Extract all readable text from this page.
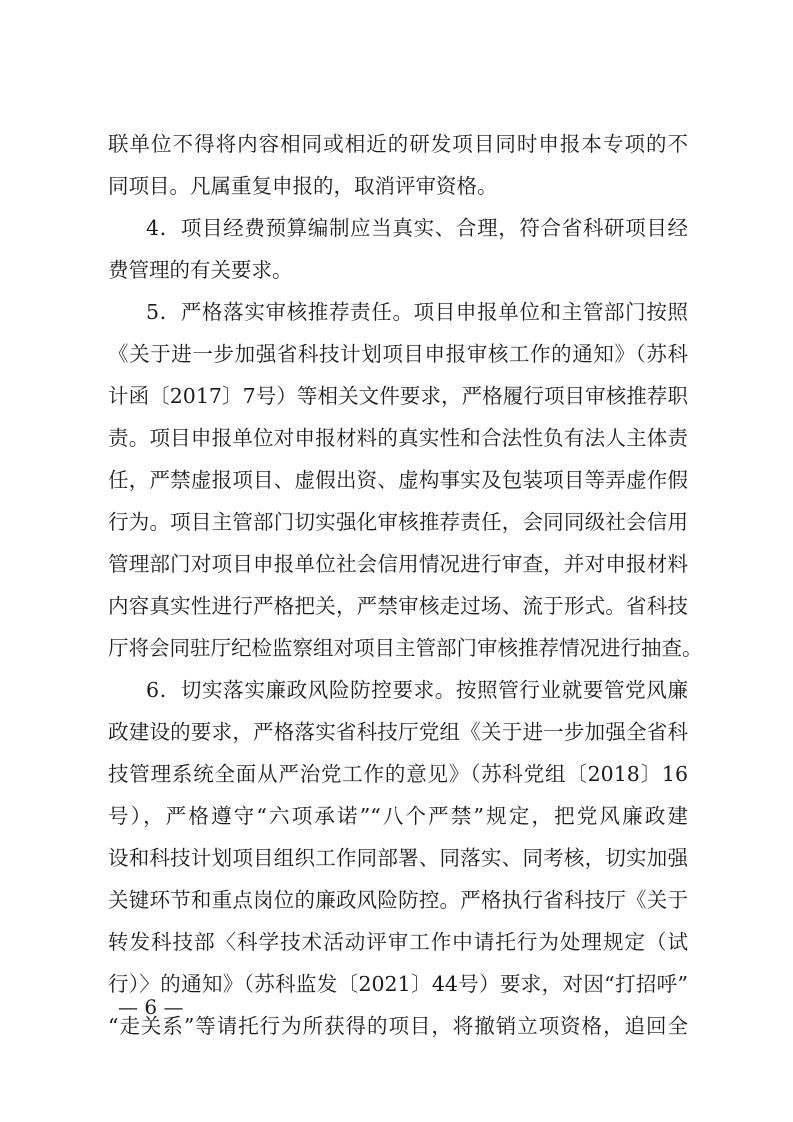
联单位不得将内容相同或相近的研发项目同时申报本专项的不
同项目。凡属重复申报的，取消评审资格。
4．项目经费预算编制应当真实、合理，符合省科研项目经
费管理的有关要求。
5．严格落实审核推荐责任。项目申报单位和主管部门按照
《关于进一步加强省科技计划项目申报审核工作的通知》（苏科
计函〔2017〕7号）等相关文件要求，严格履行项目审核推荐职
责。项目申报单位对申报材料的真实性和合法性负有法人主体责
任，严禁虚报项目、虚假出资、虚构事实及包装项目等弄虚作假
行为。项目主管部门切实强化审核推荐责任，会同同级社会信用
管理部门对项目申报单位社会信用情况进行审查，并对申报材料
内容真实性进行严格把关，严禁审核走过场、流于形式。省科技
厅将会同驻厅纪检监察组对项目主管部门审核推荐情况进行抽查。
6．切实落实廉政风险防控要求。按照管行业就要管党风廉
政建设的要求，严格落实省科技厅党组《关于进一步加强全省科
技管理系统全面从严治党工作的意见》（苏科党组〔2018〕16
号），严格遵守“六项承诺”“八个严禁”规定，把党风廉政建
设和科技计划项目组织工作同部署、同落实、同考核，切实加强
关键环节和重点岗位的廉政风险防控。严格执行省科技厅《关于
转发科技部〈科学技术活动评审工作中请托行为处理规定（试
行）〉的通知》（苏科监发〔2021〕44号）要求，对因“打招呼”
“走关系”等请托行为所获得的项目，将撤销立项资格，追回全
— 6 —
